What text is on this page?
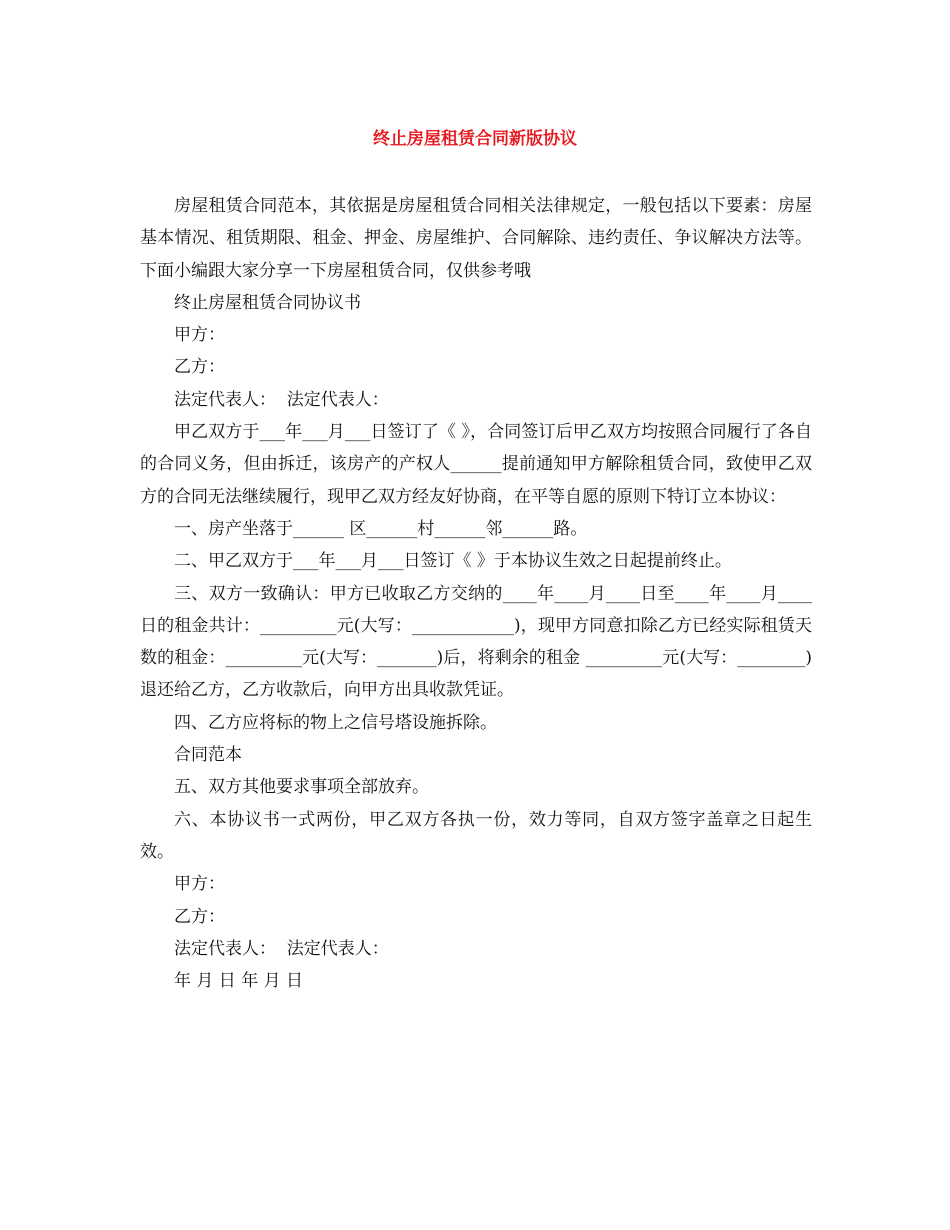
终止房屋租赁合同新版协议

房屋租赁合同范本，其依据是房屋租赁合同相关法律规定，一般包括以下要素：房屋基本情况、租赁期限、租金、押金、房屋维护、合同解除、违约责任、争议解决方法等。下面小编跟大家分享一下房屋租赁合同，仅供参考哦

终止房屋租赁合同协议书

甲方：

乙方：

法定代表人：  法定代表人：

甲乙双方于___年___月___日签订了《 》，合同签订后甲乙双方均按照合同履行了各自的合同义务，但由拆迁，该房产的产权人______提前通知甲方解除租赁合同，致使甲乙双方的合同无法继续履行，现甲乙双方经友好协商，在平等自愿的原则下特订立本协议：

一、房产坐落于______ 区______村______邻______路。

二、甲乙双方于___年___月___日签订《 》于本协议生效之日起提前终止。

三、双方一致确认：甲方已收取乙方交纳的____年____月____日至____年____月____日的租金共计：_________元(大写：____________)，现甲方同意扣除乙方已经实际租赁天数的租金：_________元(大写：_______)后，将剩余的租金 _________元(大写：________)退还给乙方，乙方收款后，向甲方出具收款凭证。

四、乙方应将标的物上之信号塔设施拆除。

合同范本

五、双方其他要求事项全部放弃。

六、本协议书一式两份，甲乙双方各执一份，效力等同，自双方签字盖章之日起生效。

甲方：

乙方：

法定代表人：  法定代表人：

年 月 日 年 月 日
